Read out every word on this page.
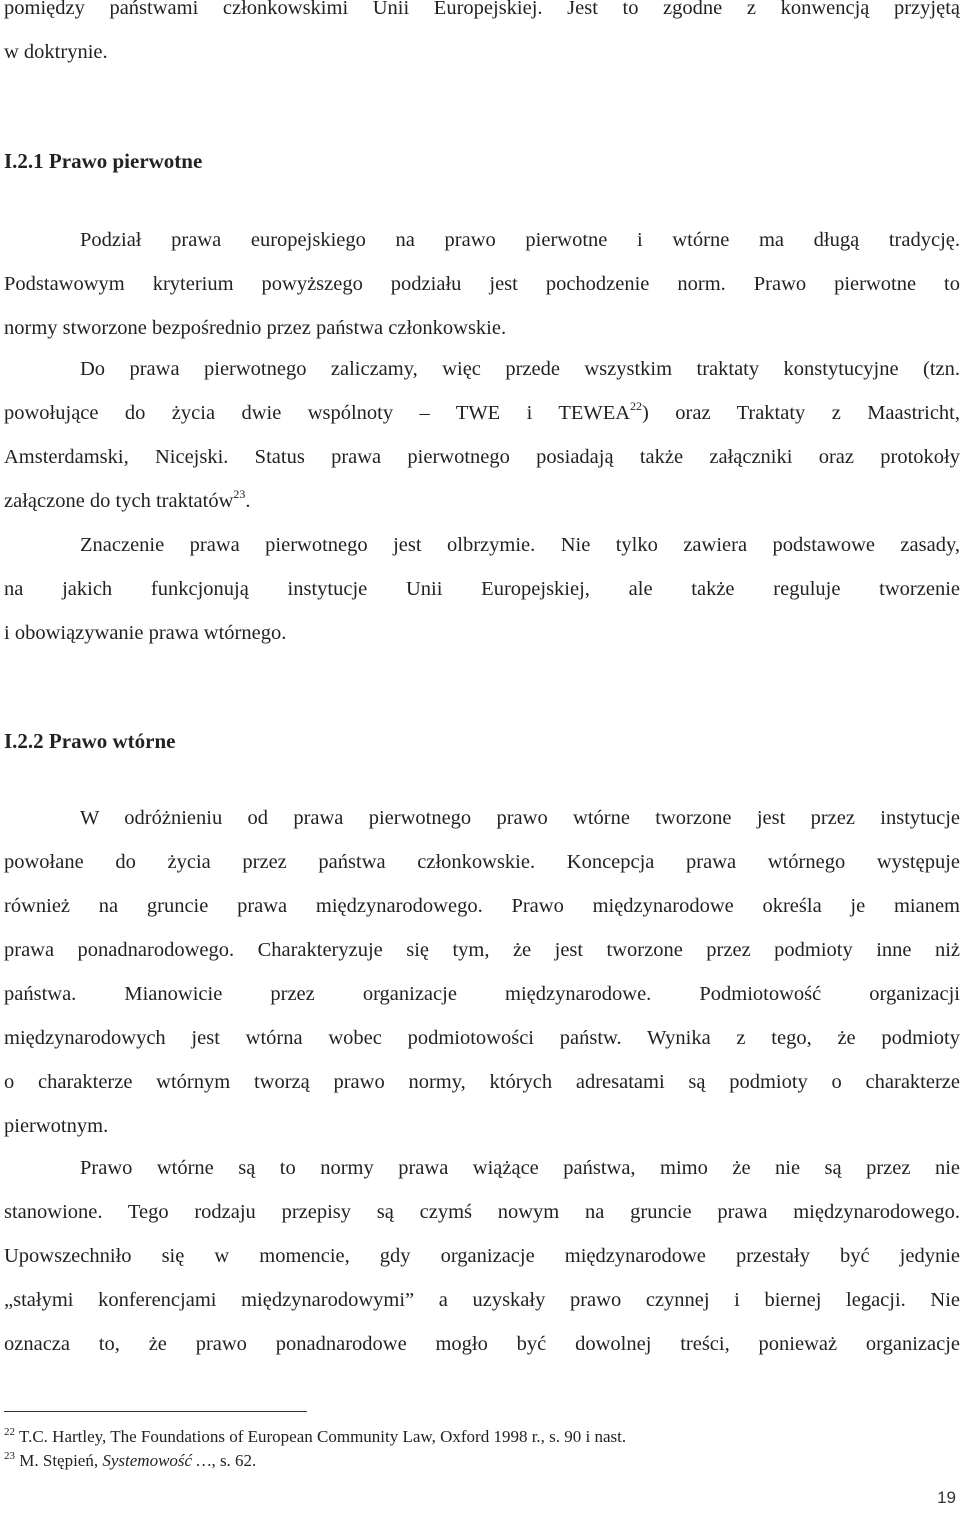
pomiędzy państwami członkowskimi Unii Europejskiej. Jest to zgodne z konwencją przyjętą
w doktrynie.
I.2.1 Prawo pierwotne
Podział prawa europejskiego na prawo pierwotne i wtórne ma długą tradycję.
Podstawowym kryterium powyższego podziału jest pochodzenie norm. Prawo pierwotne to
normy stworzone bezpośrednio przez państwa członkowskie.
Do prawa pierwotnego zaliczamy, więc przede wszystkim traktaty konstytucyjne (tzn.
powołujące do życia dwie wspólnoty – TWE i TEWEA$^{22}$) oraz Traktaty z Maastricht,
Amsterdamski, Nicejski. Status prawa pierwotnego posiadają także załączniki oraz protokoły
załączone do tych traktatów$^{23}$.
Znaczenie prawa pierwotnego jest olbrzymie. Nie tylko zawiera podstawowe zasady,
na jakich funkcjonują instytucje Unii Europejskiej, ale także reguluje tworzenie
i obowiązywanie prawa wtórnego.
I.2.2 Prawo wtórne
W odróżnieniu od prawa pierwotnego prawo wtórne tworzone jest przez instytucje
powołane do życia przez państwa członkowskie. Koncepcja prawa wtórnego występuje
również na gruncie prawa międzynarodowego. Prawo międzynarodowe określa je mianem
prawa ponadnarodowego. Charakteryzuje się tym, że jest tworzone przez podmioty inne niż
państwa. Mianowicie przez organizacje międzynarodowe. Podmiotowość organizacji
międzynarodowych jest wtórna wobec podmiotowości państw. Wynika z tego, że podmioty
o charakterze wtórnym tworzą prawo normy, których adresatami są podmioty o charakterze
pierwotnym.
Prawo wtórne są to normy prawa wiążące państwa, mimo że nie są przez nie
stanowione. Tego rodzaju przepisy są czymś nowym na gruncie prawa międzynarodowego.
Upowszechniło się w momencie, gdy organizacje międzynarodowe przestały być jedynie
„stałymi konferencjami międzynarodowymi” a uzyskały prawo czynnej i biernej legacji. Nie
oznacza to, że prawo ponadnarodowe mogło być dowolnej treści, ponieważ organizacje
$^{22}$ T.C. Hartley, The Foundations of European Community Law, Oxford 1998 r., s. 90 i nast.
$^{23}$ M. Stępień, Systemowość …, s. 62.
19
